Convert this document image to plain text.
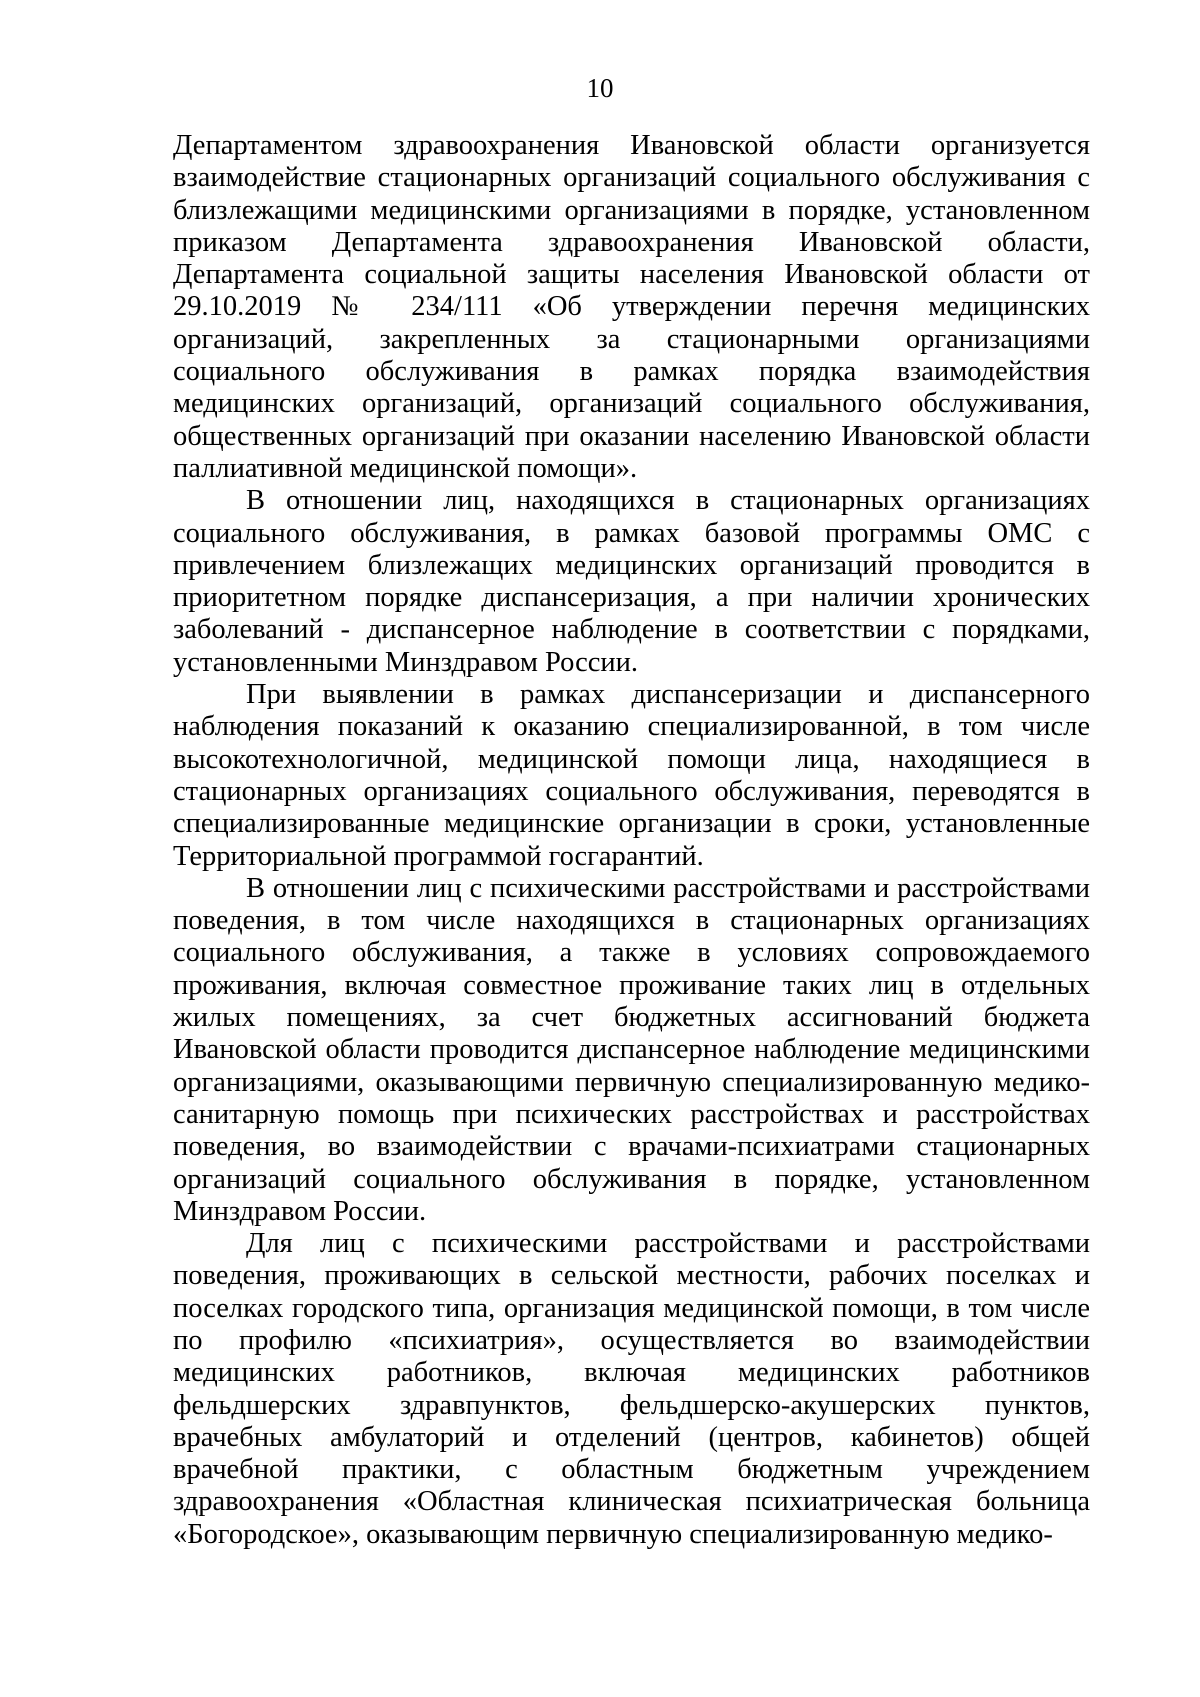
10

Департаментом здравоохранения Ивановской области организуется взаимодействие стационарных организаций социального обслуживания с близлежащими медицинскими организациями в порядке, установленном приказом Департамента здравоохранения Ивановской области, Департамента социальной защиты населения Ивановской области от 29.10.2019 № 234/111 «Об утверждении перечня медицинских организаций, закрепленных за стационарными организациями социального обслуживания в рамках порядка взаимодействия медицинских организаций, организаций социального обслуживания, общественных организаций при оказании населению Ивановской области паллиативной медицинской помощи».

В отношении лиц, находящихся в стационарных организациях социального обслуживания, в рамках базовой программы ОМС с привлечением близлежащих медицинских организаций проводится в приоритетном порядке диспансеризация, а при наличии хронических заболеваний - диспансерное наблюдение в соответствии с порядками, установленными Минздравом России.

При выявлении в рамках диспансеризации и диспансерного наблюдения показаний к оказанию специализированной, в том числе высокотехнологичной, медицинской помощи лица, находящиеся в стационарных организациях социального обслуживания, переводятся в специализированные медицинские организации в сроки, установленные Территориальной программой госгарантий.

В отношении лиц с психическими расстройствами и расстройствами поведения, в том числе находящихся в стационарных организациях социального обслуживания, а также в условиях сопровождаемого проживания, включая совместное проживание таких лиц в отдельных жилых помещениях, за счет бюджетных ассигнований бюджета Ивановской области проводится диспансерное наблюдение медицинскими организациями, оказывающими первичную специализированную медико-санитарную помощь при психических расстройствах и расстройствах поведения, во взаимодействии с врачами-психиатрами стационарных организаций социального обслуживания в порядке, установленном Минздравом России.

Для лиц с психическими расстройствами и расстройствами поведения, проживающих в сельской местности, рабочих поселках и поселках городского типа, организация медицинской помощи, в том числе по профилю «психиатрия», осуществляется во взаимодействии медицинских работников, включая медицинских работников фельдшерских здравпунктов, фельдшерско-акушерских пунктов, врачебных амбулаторий и отделений (центров, кабинетов) общей врачебной практики, с областным бюджетным учреждением здравоохранения «Областная клиническая психиатрическая больница «Богородское», оказывающим первичную специализированную медико-
